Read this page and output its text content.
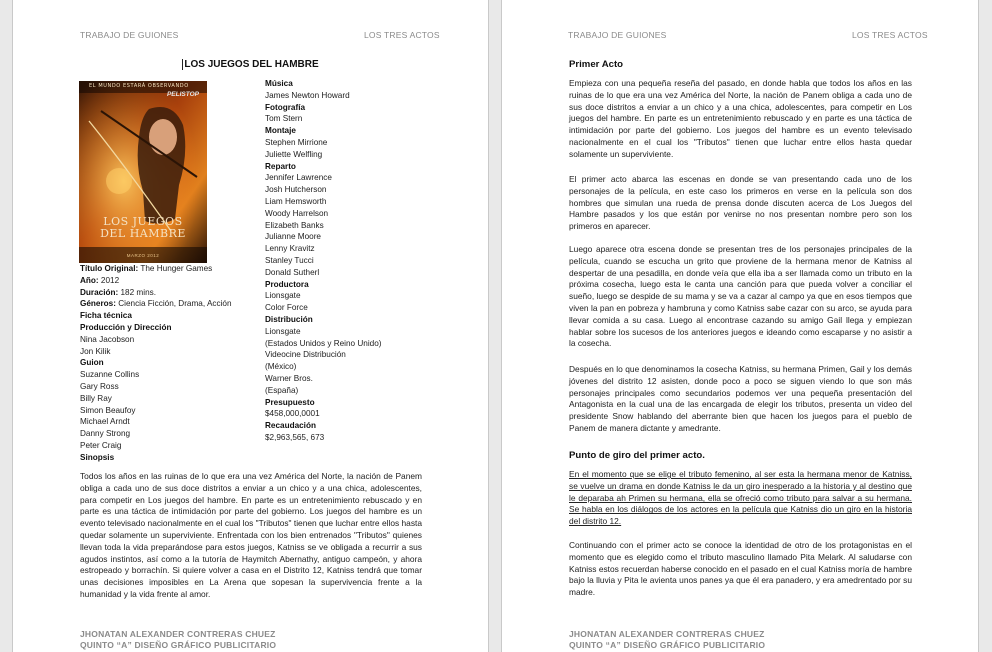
TRABAJO DE GUIONES	LOS TRES ACTOS
LOS JUEGOS DEL HAMBRE
EL MUNDO ESTARÁ OBSERVANDO
PELISTOP
LOS JUEGOS
DEL HAMBRE
MARZO 2012
Título Original: The Hunger Games
Año: 2012
Duración: 182 mins.
Géneros: Ciencia Ficción, Drama, Acción
Ficha técnica
Producción y Dirección
Nina Jacobson
Jon Kilik
Guion
Suzanne Collins
Gary Ross
Billy Ray
Simon Beaufoy
Michael Arndt
Danny Strong
Peter Craig
Sinopsis
Música
James Newton Howard
Fotografía
Tom Stern
Montaje
Stephen Mirrione
Juliette Welfling
Reparto
Jennifer Lawrence
Josh Hutcherson
Liam Hemsworth
Woody Harrelson
Elizabeth Banks
Julianne Moore
Lenny Kravitz
Stanley Tucci
Donald Sutherl
Productora
Lionsgate
Color Force
Distribución
Lionsgate
(Estados Unidos y Reino Unido)
Videocine Distribución
(México)
Warner Bros.
(España)
Presupuesto
$458,000,0001
Recaudación
$2,963,565, 673

Todos los años en las ruinas de lo que era una vez América del Norte, la nación de Panem obliga a cada uno de sus doce distritos a enviar a un chico y a una chica, adolescentes, para competir en Los juegos del hambre. En parte es un entretenimiento rebuscado y en parte es una táctica de intimidación por parte del gobierno. Los juegos del hambre es un evento televisado nacionalmente en el cual los "Tributos" tienen que luchar entre ellos hasta quedar solamente un superviviente. Enfrentada con los bien entrenados "Tributos" quienes llevan toda la vida preparándose para estos juegos, Katniss se ve obligada a recurrir a sus agudos instintos, así como a la tutoría de Haymitch Abernathy, antiguo campeón, y ahora estropeado y borrachín. Si quiere volver a casa en el Distrito 12, Katniss tendrá que tomar unas decisiones imposibles en La Arena que sopesan la supervivencia frente a la humanidad y la vida frente al amor.

JHONATAN ALEXANDER CONTRERAS CHUEZ
QUINTO “A” DISEÑO GRÁFICO PUBLICITARIO
TRABAJO DE GUIONES	LOS TRES ACTOS
Primer Acto

Empieza con una pequeña reseña del pasado, en donde habla que todos los años en las ruinas de lo que era una vez América del Norte, la nación de Panem obliga a cada uno de sus doce distritos a enviar a un chico y a una chica, adolescentes, para competir en Los juegos del hambre. En parte es un entretenimiento rebuscado y en parte es una táctica de intimidación por parte del gobierno. Los juegos del hambre es un evento televisado nacionalmente en el cual los "Tributos" tienen que luchar entre ellos hasta quedar solamente un superviviente.

El primer acto abarca las escenas en donde se van presentando cada uno de los personajes de la película, en este caso los primeros en verse en la película son dos hombres que simulan una rueda de prensa donde discuten acerca de Los Juegos del Hambre pasados y los que están por venirse no nos presentan nombre pero son los primeros en aparecer.

Luego aparece otra escena donde se presentan tres de los personajes principales de la película, cuando se escucha un grito que proviene de la hermana menor de Katniss al despertar de una pesadilla, en donde veía que ella iba a ser llamada como un tributo en la próxima cosecha, luego esta le canta una canción para que pueda volver a conciliar el sueño, luego se despide de su mama y se va a cazar al campo ya que en esos tiempos que viven la pan en pobreza y hambruna y como Katniss sabe cazar con su arco, se ayuda para llevar comida a su casa. Luego al encontrase cazando su amigo Gail llega y empiezan hablar sobre los sucesos de los anteriores juegos e ideando como escaparse y no asistir a la cosecha.

Después en lo que denominamos la cosecha Katniss, su hermana Primen, Gail y los demás jóvenes del distrito 12 asisten, donde poco a poco se siguen viendo lo que son más personajes principales como secundarios podemos ver una pequeña presentación del Antagonista en la cual una de las encargada de elegir los tributos, presenta un video del presidente Snow hablando del aberrante bien que hacen los juegos para el pueblo de Panem de manera dictante y amedrante.

Punto de giro del primer acto.

En el momento que se elige el tributo femenino, al ser esta la hermana menor de Katniss, se vuelve un drama en donde Katniss le da un giro inesperado a la historia y al destino que le deparaba ah Primen su hermana, ella se ofreció como tributo para salvar a su hermana. Se habla en los diálogos de los actores en la película que Katniss dio un giro en la historia del distrito 12.

Continuando con el primer acto se conoce la identidad de otro de los protagonistas en el momento que es elegido como el tributo masculino llamado Pita Melark. Al saludarse con Katniss estos recuerdan haberse conocido en el pasado en el cual Katniss moría de hambre bajo la lluvia y Pita le avienta unos panes ya que él era panadero, y era amedrentado por su madre.

JHONATAN ALEXANDER CONTRERAS CHUEZ
QUINTO “A” DISEÑO GRÁFICO PUBLICITARIO
